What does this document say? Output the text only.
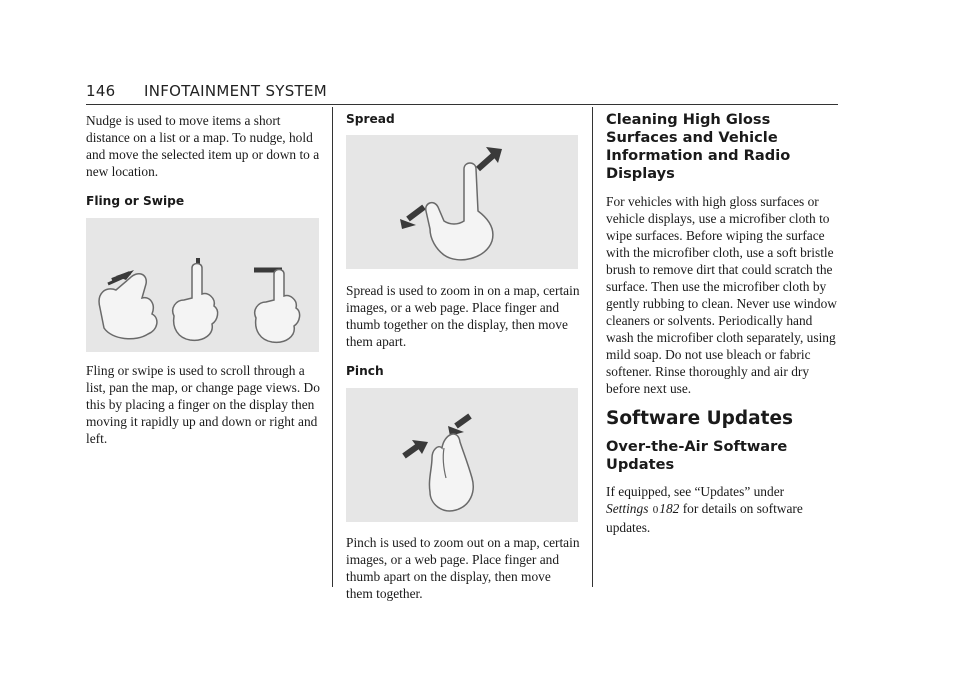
146 INFOTAINMENT SYSTEM

Nudge is used to move items a short distance on a list or a map. To nudge, hold and move the selected item up or down to a new location.

Fling or Swipe

Fling or swipe is used to scroll through a list, pan the map, or change page views. Do this by placing a finger on the display then moving it rapidly up and down or right and left.

Spread

Spread is used to zoom in on a map, certain images, or a web page. Place finger and thumb together on the display, then move them apart.

Pinch

Pinch is used to zoom out on a map, certain images, or a web page. Place finger and thumb apart on the display, then move them together.

Cleaning High Gloss Surfaces and Vehicle Information and Radio Displays

For vehicles with high gloss surfaces or vehicle displays, use a microfiber cloth to wipe surfaces. Before wiping the surface with the microfiber cloth, use a soft bristle brush to remove dirt that could scratch the surface. Then use the microfiber cloth by gently rubbing to clean. Never use window cleaners or solvents. Periodically hand wash the microfiber cloth separately, using mild soap. Do not use bleach or fabric softener. Rinse thoroughly and air dry before next use.

Software Updates

Over-the-Air Software Updates

If equipped, see “Updates” under
Settings 0182 for details on software updates.
